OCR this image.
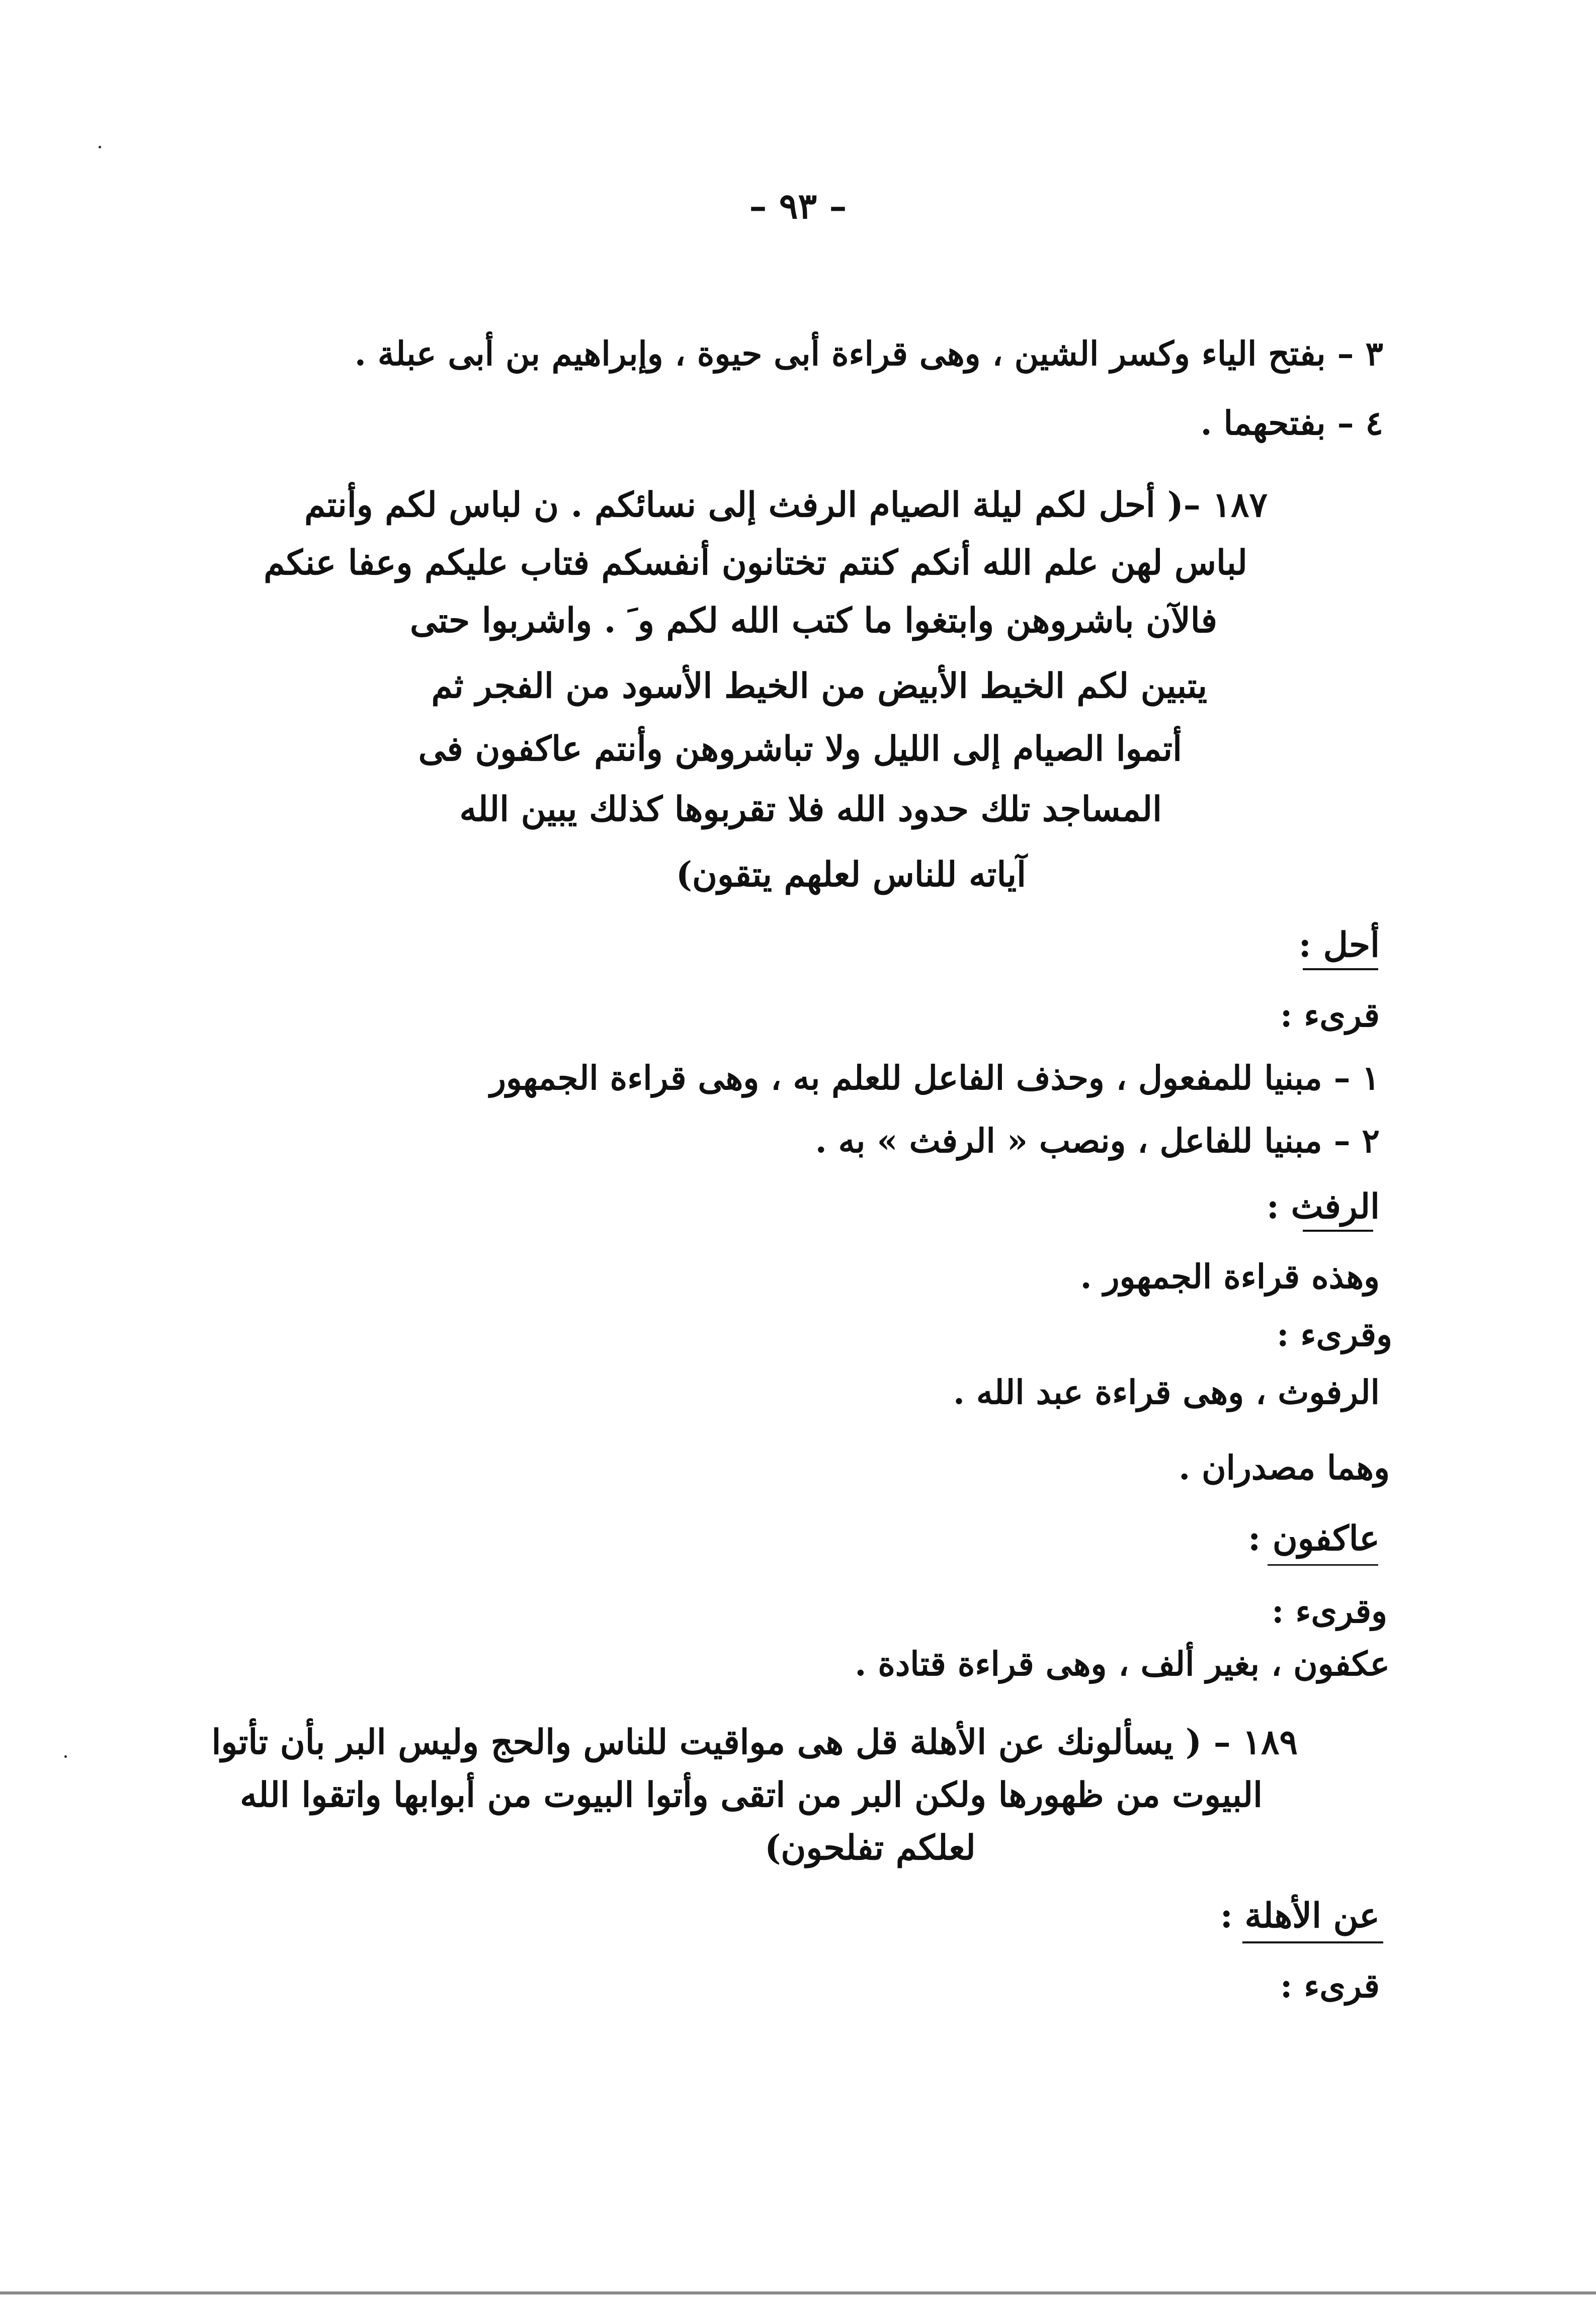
– ٩٣ –
٣ – بفتح الياء وكسر الشين ، وهى قراءة أبى حيوة ، وإبراهيم بن أبى عبلة .
٤ – بفتحهما .
١٨٧ –( أحل لكم ليلة الصيام الرفث إلى نسائكم . ن لباس لكم وأنتم
لباس لهن علم الله أنكم كنتم تختانون أنفسكم فتاب عليكم وعفا عنكم
فالآن باشروهن وابتغوا ما كتب الله لكم و َ . واشربوا حتى
يتبين لكم الخيط الأبيض من الخيط الأسود من الفجر ثم
أتموا الصيام إلى الليل ولا تباشروهن وأنتم عاكفون فى
المساجد تلك حدود الله فلا تقربوها كذلك يبين الله
آياته للناس لعلهم يتقون)
أحل :
قرىء :
١ – مبنيا للمفعول ، وحذف الفاعل للعلم به ، وهى قراءة الجمهور
٢ – مبنيا للفاعل ، ونصب « الرفث » به .
الرفث :
وهذه قراءة الجمهور .
وقرىء :
الرفوث ، وهى قراءة عبد الله .
وهما مصدران .
عاكفون :
وقرىء :
عكفون ، بغير ألف ، وهى قراءة قتادة .
١٨٩ – ( يسألونك عن الأهلة قل هى مواقيت للناس والحج وليس البر بأن تأتوا
البيوت من ظهورها ولكن البر من اتقى وأتوا البيوت من أبوابها واتقوا الله
لعلكم تفلحون)
عن الأهلة :
قرىء :
